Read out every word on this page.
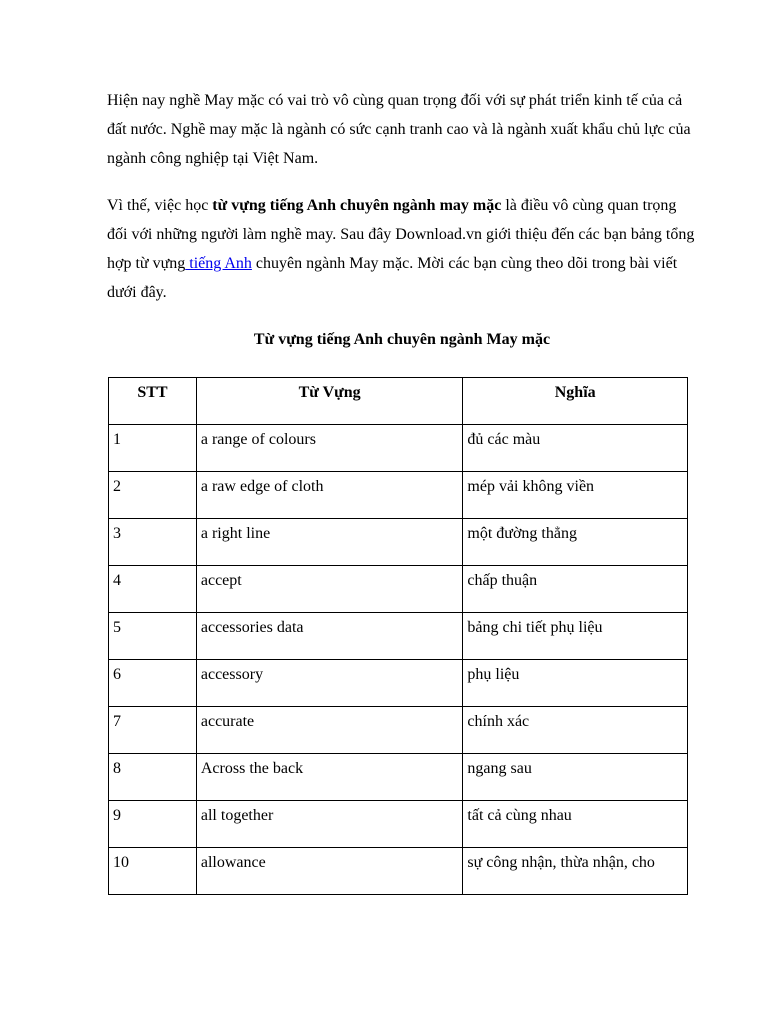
Hiện nay nghề May mặc có vai trò vô cùng quan trọng đối với sự phát triển kinh tế của cả đất nước. Nghề may mặc là ngành có sức cạnh tranh cao và là ngành xuất khẩu chủ lực của ngành công nghiệp tại Việt Nam.

Vì thế, việc học từ vựng tiếng Anh chuyên ngành may mặc là điều vô cùng quan trọng đối với những người làm nghề may. Sau đây Download.vn giới thiệu đến các bạn bảng tổng hợp từ vựng tiếng Anh chuyên ngành May mặc. Mời các bạn cùng theo dõi trong bài viết dưới đây.

Từ vựng tiếng Anh chuyên ngành May mặc
STT	Từ Vựng	Nghĩa
1	a range of colours	đủ các màu
2	a raw edge of cloth	mép vải không viền
3	a right line	một đường thẳng
4	accept	chấp thuận
5	accessories data	bảng chi tiết phụ liệu
6	accessory	phụ liệu
7	accurate	chính xác
8	Across the back	ngang sau
9	all together	tất cả cùng nhau
10	allowance	sự công nhận, thừa nhận, cho
